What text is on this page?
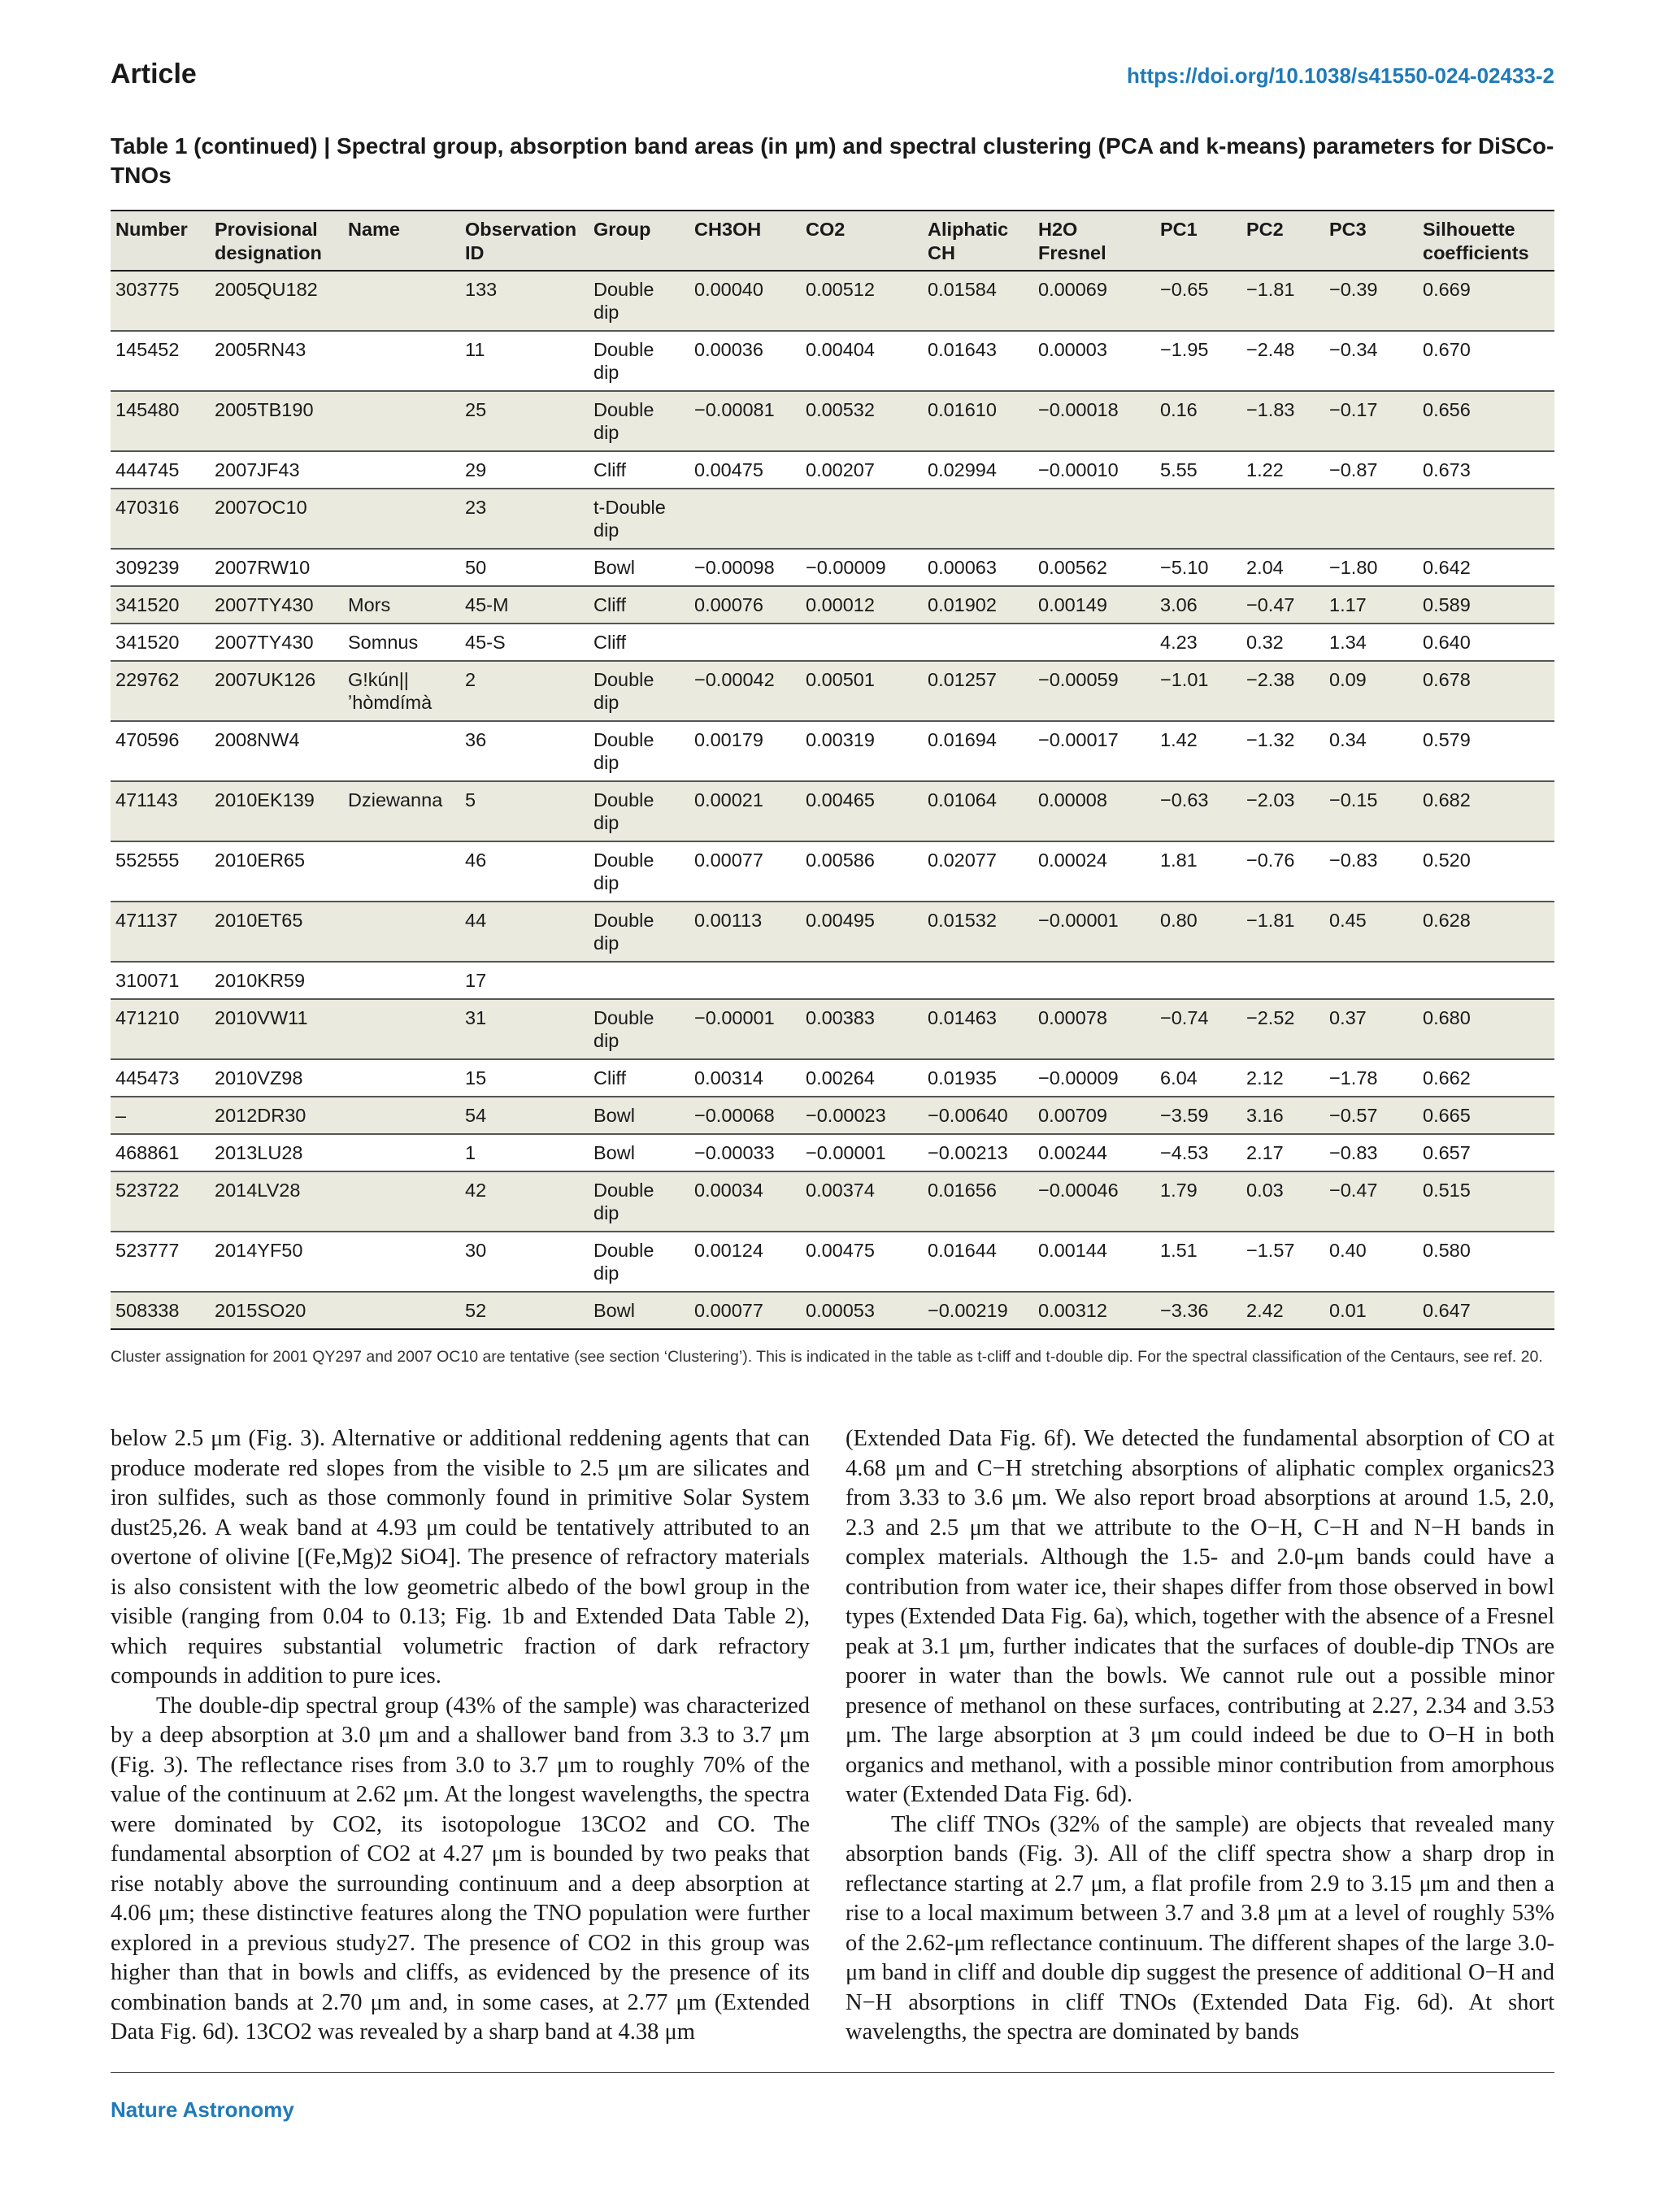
Article	https://doi.org/10.1038/s41550-024-02433-2
Table 1 (continued) | Spectral group, absorption band areas (in μm) and spectral clustering (PCA and k-means) parameters for DiSCo-TNOs
Number	Provisional designation	Name	Observation ID	Group	CH3OH	CO2	Aliphatic CH	H2O Fresnel	PC1	PC2	PC3	Silhouette coefficients
303775	2005QU182		133	Double dip	0.00040	0.00512	0.01584	0.00069	−0.65	−1.81	−0.39	0.669
145452	2005RN43		11	Double dip	0.00036	0.00404	0.01643	0.00003	−1.95	−2.48	−0.34	0.670
145480	2005TB190		25	Double dip	−0.00081	0.00532	0.01610	−0.00018	0.16	−1.83	−0.17	0.656
444745	2007JF43		29	Cliff	0.00475	0.00207	0.02994	−0.00010	5.55	1.22	−0.87	0.673
470316	2007OC10		23	t-Double dip								
309239	2007RW10		50	Bowl	−0.00098	−0.00009	0.00063	0.00562	−5.10	2.04	−1.80	0.642
341520	2007TY430	Mors	45-M	Cliff	0.00076	0.00012	0.01902	0.00149	3.06	−0.47	1.17	0.589
341520	2007TY430	Somnus	45-S	Cliff					4.23	0.32	1.34	0.640
229762	2007UK126	G!kún||ʼhòmdímà	2	Double dip	−0.00042	0.00501	0.01257	−0.00059	−1.01	−2.38	0.09	0.678
470596	2008NW4		36	Double dip	0.00179	0.00319	0.01694	−0.00017	1.42	−1.32	0.34	0.579
471143	2010EK139	Dziewanna	5	Double dip	0.00021	0.00465	0.01064	0.00008	−0.63	−2.03	−0.15	0.682
552555	2010ER65		46	Double dip	0.00077	0.00586	0.02077	0.00024	1.81	−0.76	−0.83	0.520
471137	2010ET65		44	Double dip	0.00113	0.00495	0.01532	−0.00001	0.80	−1.81	0.45	0.628
310071	2010KR59		17									
471210	2010VW11		31	Double dip	−0.00001	0.00383	0.01463	0.00078	−0.74	−2.52	0.37	0.680
445473	2010VZ98		15	Cliff	0.00314	0.00264	0.01935	−0.00009	6.04	2.12	−1.78	0.662
–	2012DR30		54	Bowl	−0.00068	−0.00023	−0.00640	0.00709	−3.59	3.16	−0.57	0.665
468861	2013LU28		1	Bowl	−0.00033	−0.00001	−0.00213	0.00244	−4.53	2.17	−0.83	0.657
523722	2014LV28		42	Double dip	0.00034	0.00374	0.01656	−0.00046	1.79	0.03	−0.47	0.515
523777	2014YF50		30	Double dip	0.00124	0.00475	0.01644	0.00144	1.51	−1.57	0.40	0.580
508338	2015SO20		52	Bowl	0.00077	0.00053	−0.00219	0.00312	−3.36	2.42	0.01	0.647
Cluster assignation for 2001 QY297 and 2007 OC10 are tentative (see section ‘Clustering’). This is indicated in the table as t-cliff and t-double dip. For the spectral classification of the Centaurs, see ref. 20.

below 2.5 μm (Fig. 3). Alternative or additional reddening agents that can produce moderate red slopes from the visible to 2.5 μm are silicates and iron sulfides, such as those commonly found in primitive Solar System dust25,26. A weak band at 4.93 μm could be tentatively attributed to an overtone of olivine [(Fe,Mg)2 SiO4]. The presence of refractory materials is also consistent with the low geometric albedo of the bowl group in the visible (ranging from 0.04 to 0.13; Fig. 1b and Extended Data Table 2), which requires substantial volumetric fraction of dark refractory compounds in addition to pure ices.

The double-dip spectral group (43% of the sample) was characterized by a deep absorption at 3.0 μm and a shallower band from 3.3 to 3.7 μm (Fig. 3). The reflectance rises from 3.0 to 3.7 μm to roughly 70% of the value of the continuum at 2.62 μm. At the longest wavelengths, the spectra were dominated by CO2, its isotopologue 13CO2 and CO. The fundamental absorption of CO2 at 4.27 μm is bounded by two peaks that rise notably above the surrounding continuum and a deep absorption at 4.06 μm; these distinctive features along the TNO population were further explored in a previous study27. The presence of CO2 in this group was higher than that in bowls and cliffs, as evidenced by the presence of its combination bands at 2.70 μm and, in some cases, at 2.77 μm (Extended Data Fig. 6d). 13CO2 was revealed by a sharp band at 4.38 μm

(Extended Data Fig. 6f). We detected the fundamental absorption of CO at 4.68 μm and C−H stretching absorptions of aliphatic complex organics23 from 3.33 to 3.6 μm. We also report broad absorptions at around 1.5, 2.0, 2.3 and 2.5 μm that we attribute to the O−H, C−H and N−H bands in complex materials. Although the 1.5- and 2.0-μm bands could have a contribution from water ice, their shapes differ from those observed in bowl types (Extended Data Fig. 6a), which, together with the absence of a Fresnel peak at 3.1 μm, further indicates that the surfaces of double-dip TNOs are poorer in water than the bowls. We cannot rule out a possible minor presence of methanol on these surfaces, contributing at 2.27, 2.34 and 3.53 μm. The large absorption at 3 μm could indeed be due to O−H in both organics and methanol, with a possible minor contribution from amorphous water (Extended Data Fig. 6d).

The cliff TNOs (32% of the sample) are objects that revealed many absorption bands (Fig. 3). All of the cliff spectra show a sharp drop in reflectance starting at 2.7 μm, a flat profile from 2.9 to 3.15 μm and then a rise to a local maximum between 3.7 and 3.8 μm at a level of roughly 53% of the 2.62-μm reflectance continuum. The different shapes of the large 3.0-μm band in cliff and double dip suggest the presence of additional O−H and N−H absorptions in cliff TNOs (Extended Data Fig. 6d). At short wavelengths, the spectra are dominated by bands

Nature Astronomy
